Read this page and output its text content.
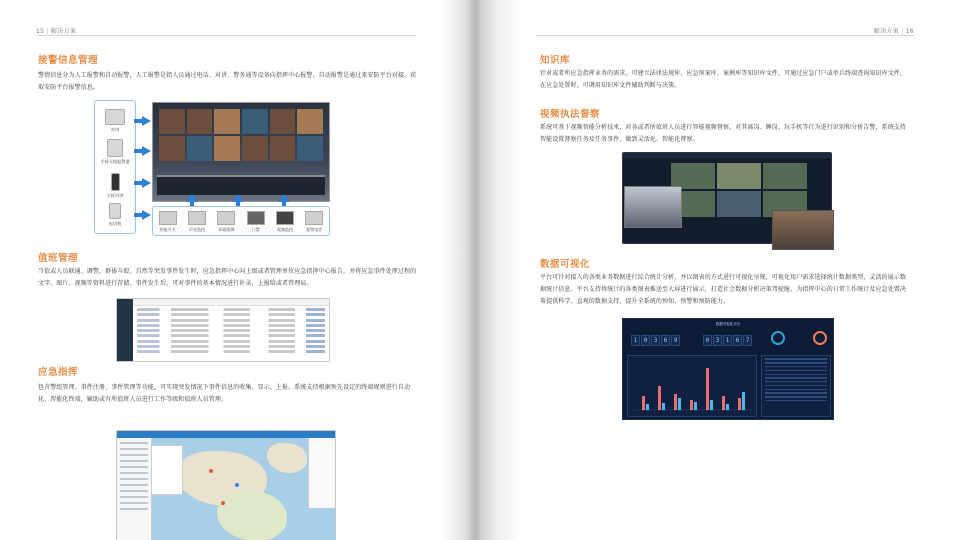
15 | 解决方案
接警信息管理
警情信息分为人工报警和自动报警，人工报警是指人员通过电话、对讲、警务通等设备向指挥中心报警，自动报警是通过来安防平台对接，获取安防平台报警信息。
对讲
手持无线报警器
手持对讲
电话机
智能开关	声光监控	环境探测	门禁	视频监控	报警电话
值班管理
当值或人员联通、调警，群体斗殴、自然等突发事件发生时，应急指挥中心向上级或者管理单位应急指挥中心报告，并将应急事件处理过程的文字、图片、视频等资料进行存储。事件发生后，可对事件的基本情况进行补录，上报给或者管理局。
应急指挥
包含警组管理、事件注册、事件管理等功能，可实现突发情况下事件信息的收集、显示、上报。系统支持根据预先设定的终端规则进行自动化、智能化终端，辅助或有所值班人员进行工作等级和值班人员管理。
解决方案 | 16
知识库
针对或者所应急指挥业务的需求，可建立法律法规库、应急预案库、案例库等知识库文件，可通过应急门户或单兵终端查询知识库文件，在应急处置时，可调用知识库文件辅助判断与决策。
视频执法督察
系统可基于视频智能分析技术，对各或者所值班人员进行智能视频督察，对其离岗、睡岗、玩手机等行为进行识别和分析告警，系统支持智能设置督察任务及任务事件，做到灵活化、智能化督察。
数据可视化
平台可针对接入的各类业务数据进行综合统计分析，并以图表的方式进行可视化呈现，可视化用户需求选择统计数据类型，灵活的展示数据统计信息。平台支持将统计的各类图表推送至大屏进行展示，打造社会数据分析决策驾驶舱，为指挥中心的日常工作统计及应急处置决策提供科学、直观的数据支持，提升全系统的预知、预警和预防能力。
数据可视化平台
1	0	3	6	9	0	3	1	6	7
